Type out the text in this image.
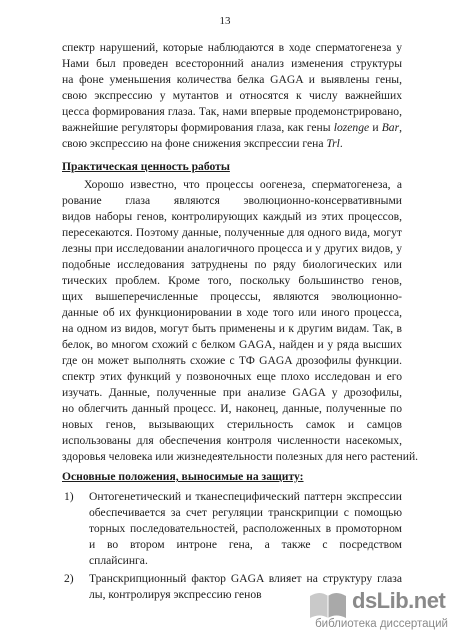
13
спектр нарушений, которые наблюдаются в ходе сперматогенеза у
Нами был проведен всесторонний анализ изменения структуры
на фоне уменьшения количества белка GAGA и выявлены гены,
свою экспрессию у мутантов и относятся к числу важнейших
цесса формирования глаза. Так, нами впервые продемонстрировано,
важнейшие регуляторы формирования глаза, как гены lozenge и Bar,
свою экспрессию на фоне снижения экспрессии гена Trl.
Практическая ценность работы
Хорошо известно, что процессы оогенеза, сперматогенеза, а
рование глаза являются эволюционно-консервативными
видов наборы генов, контролирующих каждый из этих процессов,
пересекаются. Поэтому данные, полученные для одного вида, могут
лезны при исследовании аналогичного процесса и у других видов, у
подобные исследования затруднены по ряду биологических или
тических проблем. Кроме того, поскольку большинство генов,
щих вышеперечисленные процессы, являются эволюционно-
данные об их функционировании в ходе того или иного процесса,
на одном из видов, могут быть применены и к другим видам. Так, в
белок, во многом схожий с белком GAGA, найден и у ряда высших
где он может выполнять схожие с ТФ GAGA дрозофилы функции.
спектр этих функций у позвоночных еще плохо исследован и его
изучать. Данные, полученные при анализе GAGA у дрозофилы,
но облегчить данный процесс. И, наконец, данные, полученные по
новых генов, вызывающих стерильность самок и самцов
использованы для обеспечения контроля численности насекомых,
здоровья человека или жизнедеятельности полезных для него растений.
Основные положения, выносимые на защиту:
1) Онтогенетический и тканеспецифический паттерн экспрессии
обеспечивается за счет регуляции транскрипции с помощью
торных последовательностей, расположенных в промоторном
и во втором интроне гена, а также с посредством
сплайсинга.
2) Транскрипционный фактор GAGA влияет на структуру глаза
лы, контролируя экспрессию генов	dsLib.net
библиотека диссертаций
